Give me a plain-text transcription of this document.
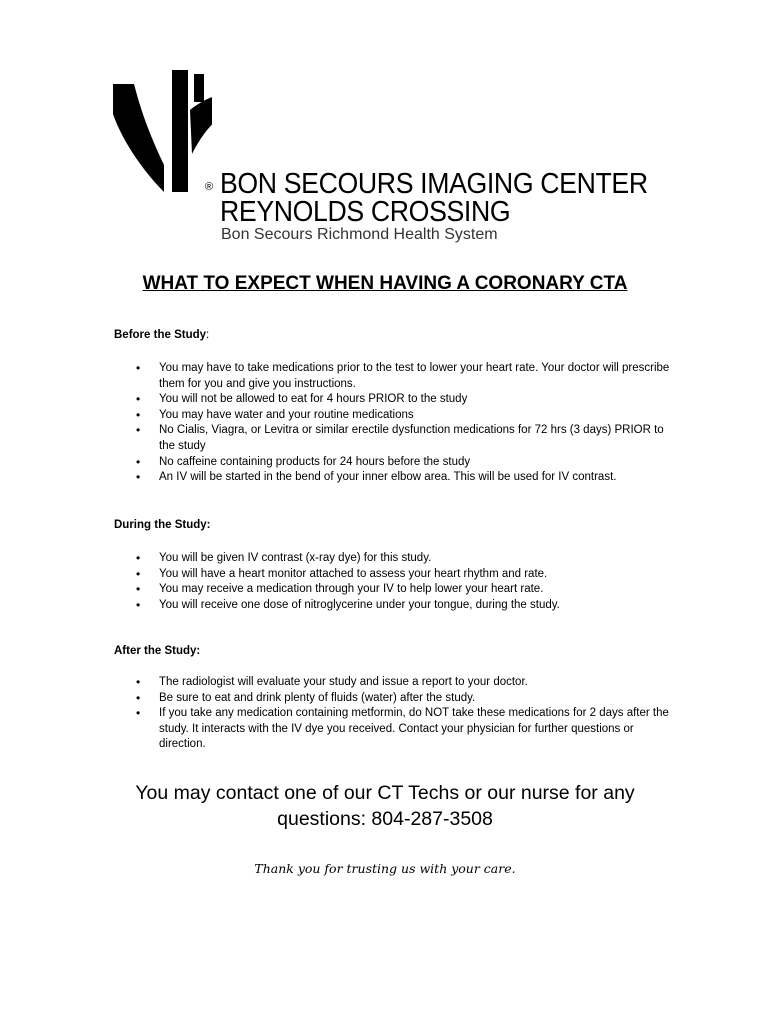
® BON SECOURS IMAGING CENTER
REYNOLDS CROSSING
Bon Secours Richmond Health System
WHAT TO EXPECT WHEN HAVING A CORONARY CTA
Before the Study:
• You may have to take medications prior to the test to lower your heart rate. Your doctor will prescribe them for you and give you instructions.
• You will not be allowed to eat for 4 hours PRIOR to the study
• You may have water and your routine medications
• No Cialis, Viagra, or Levitra or similar erectile dysfunction medications for 72 hrs (3 days) PRIOR to the study
• No caffeine containing products for 24 hours before the study
• An IV will be started in the bend of your inner elbow area. This will be used for IV contrast.
During the Study:
• You will be given IV contrast (x-ray dye) for this study.
• You will have a heart monitor attached to assess your heart rhythm and rate.
• You may receive a medication through your IV to help lower your heart rate.
• You will receive one dose of nitroglycerine under your tongue, during the study.
After the Study:
• The radiologist will evaluate your study and issue a report to your doctor.
• Be sure to eat and drink plenty of fluids (water) after the study.
• If you take any medication containing metformin, do NOT take these medications for 2 days after the study. It interacts with the IV dye you received. Contact your physician for further questions or direction.
You may contact one of our CT Techs or our nurse for any
questions: 804-287-3508
Thank you for trusting us with your care.
